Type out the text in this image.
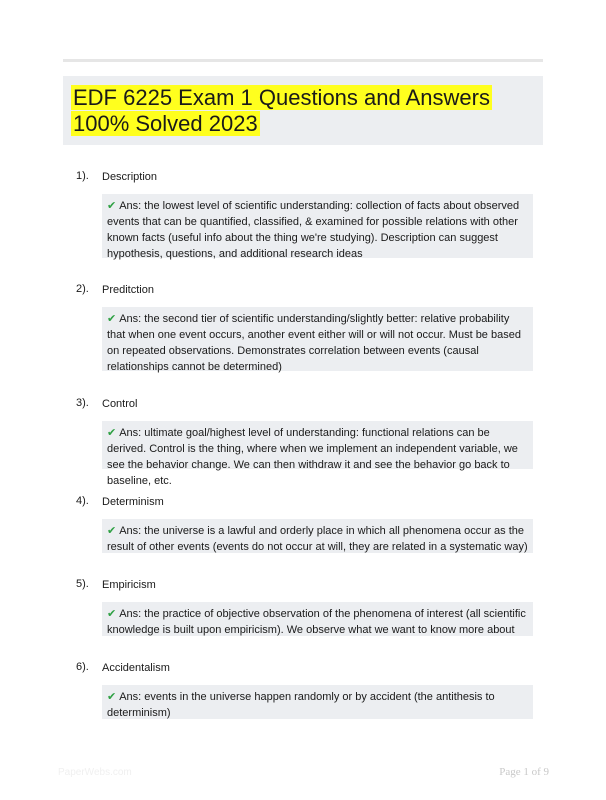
EDF 6225 Exam 1 Questions and Answers 100% Solved 2023
1). Description
✔ Ans: the lowest level of scientific understanding: collection of facts about observed events that can be quantified, classified, & examined for possible relations with other known facts (useful info about the thing we're studying). Description can suggest hypothesis, questions, and additional research ideas
2). Preditction
✔ Ans: the second tier of scientific understanding/slightly better: relative probability that when one event occurs, another event either will or will not occur. Must be based on repeated observations. Demonstrates correlation between events (causal relationships cannot be determined)
3). Control
✔ Ans: ultimate goal/highest level of understanding: functional relations can be derived. Control is the thing, where when we implement an independent variable, we see the behavior change. We can then withdraw it and see the behavior go back to baseline, etc.
4). Determinism
✔ Ans: the universe is a lawful and orderly place in which all phenomena occur as the result of other events (events do not occur at will, they are related in a systematic way)
5). Empiricism
✔ Ans: the practice of objective observation of the phenomena of interest (all scientific knowledge is built upon empiricism). We observe what we want to know more about
6). Accidentalism
✔ Ans: events in the universe happen randomly or by accident (the antithesis to determinism)
PaperWebs.com	Page 1 of 9
